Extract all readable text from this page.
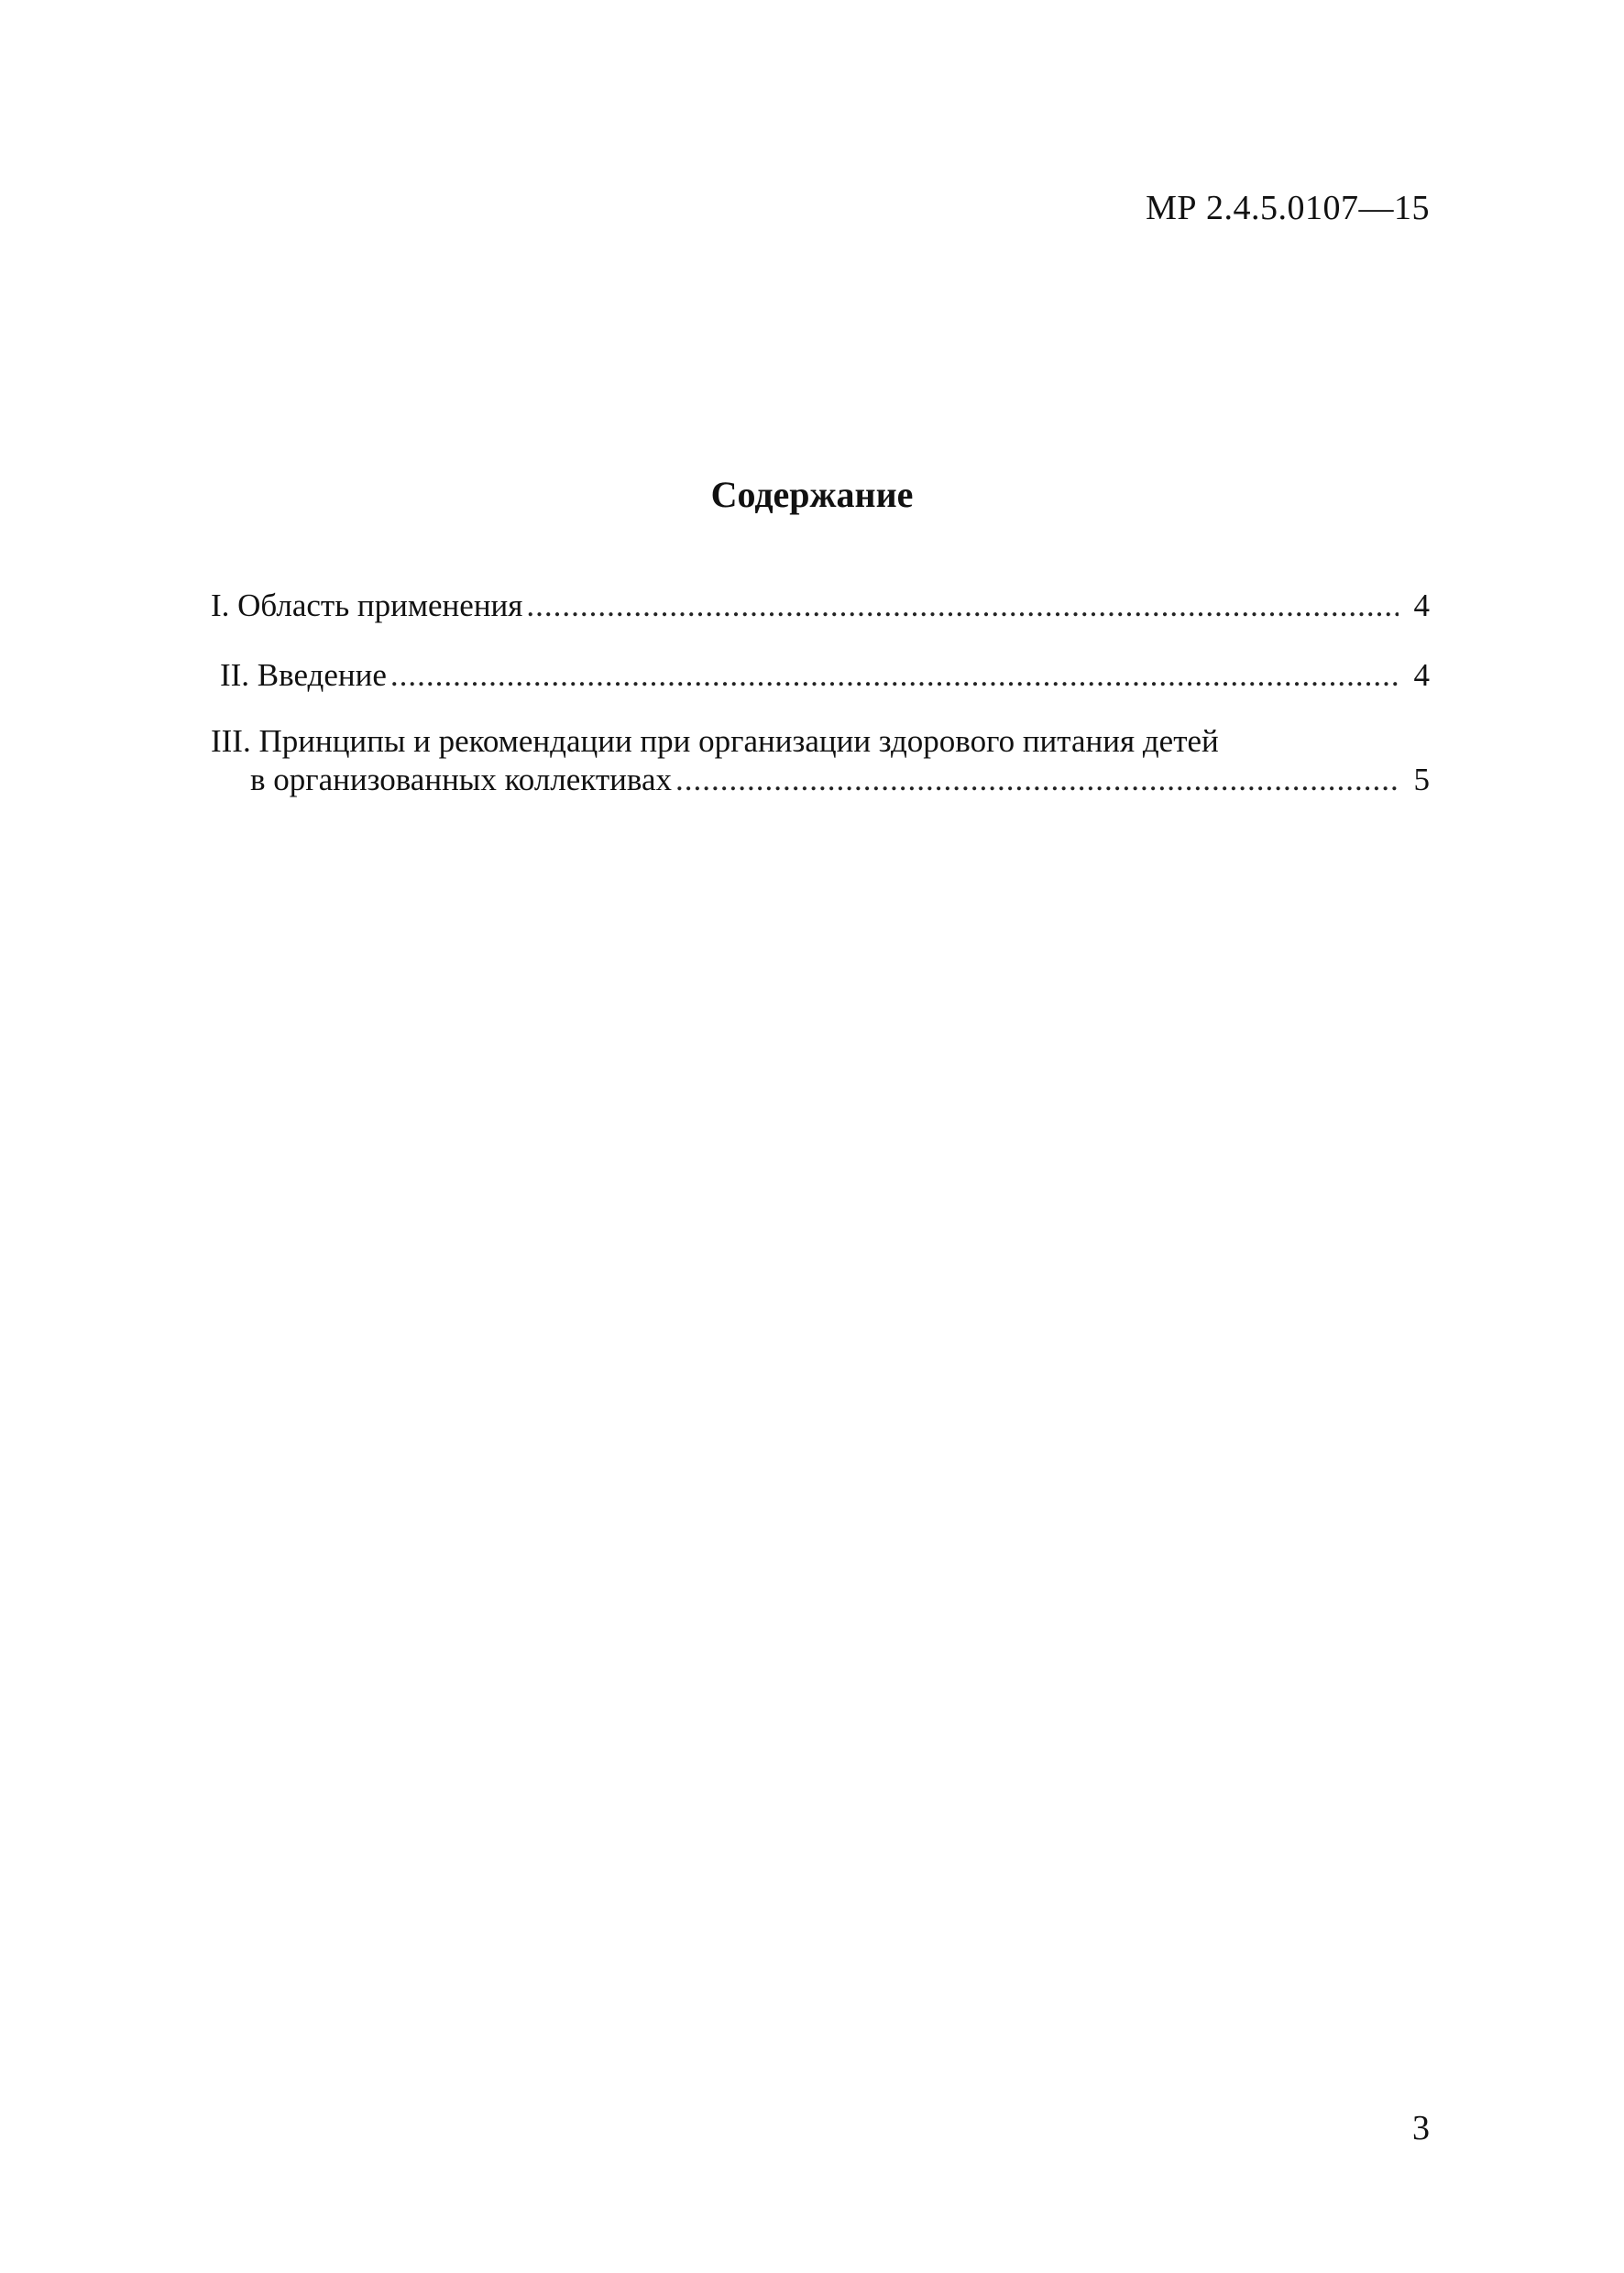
МР 2.4.5.0107—15
Содержание
I. Область применения .....	4
II. Введение .....	4
III. Принципы и рекомендации при организации здорового питания детей
в организованных коллективах .....	5
3
